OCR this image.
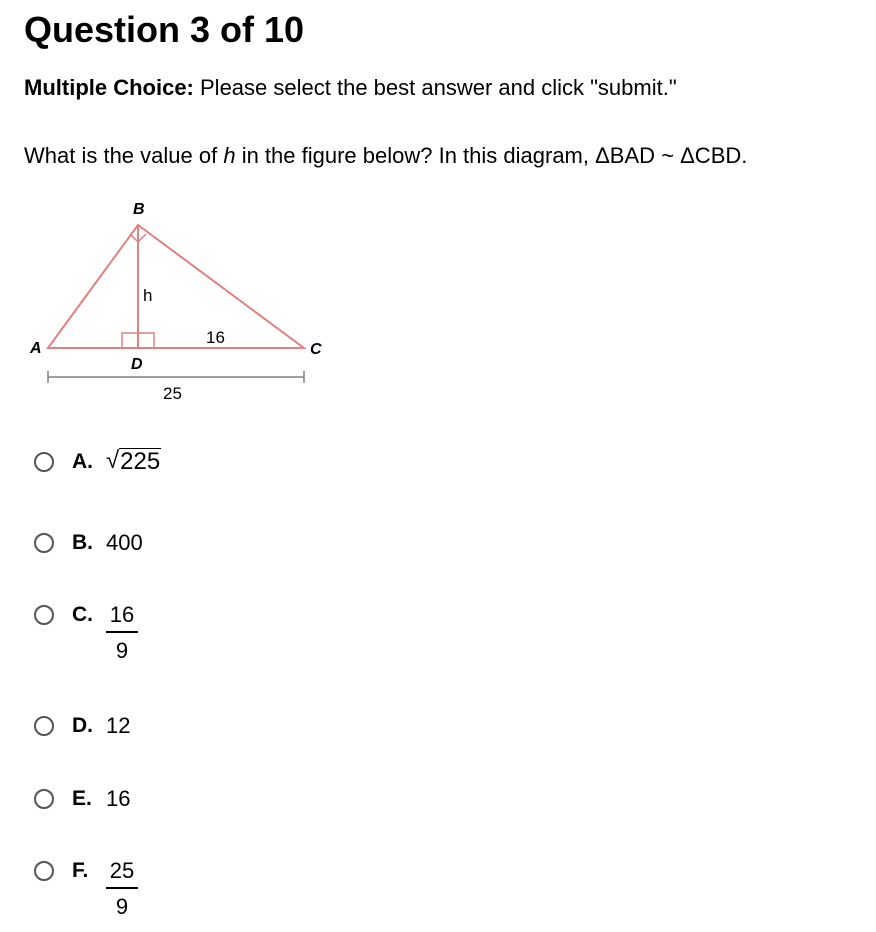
Question 3 of 10
Multiple Choice: Please select the best answer and click "submit."
What is the value of h in the figure below? In this diagram, ΔBAD ~ ΔCBD.
B
A	C
D
h
16
25
A. √ 225
B. 400
C. $\frac{16}{9}$
D. 12
E. 16
F. $\frac{25}{9}$
